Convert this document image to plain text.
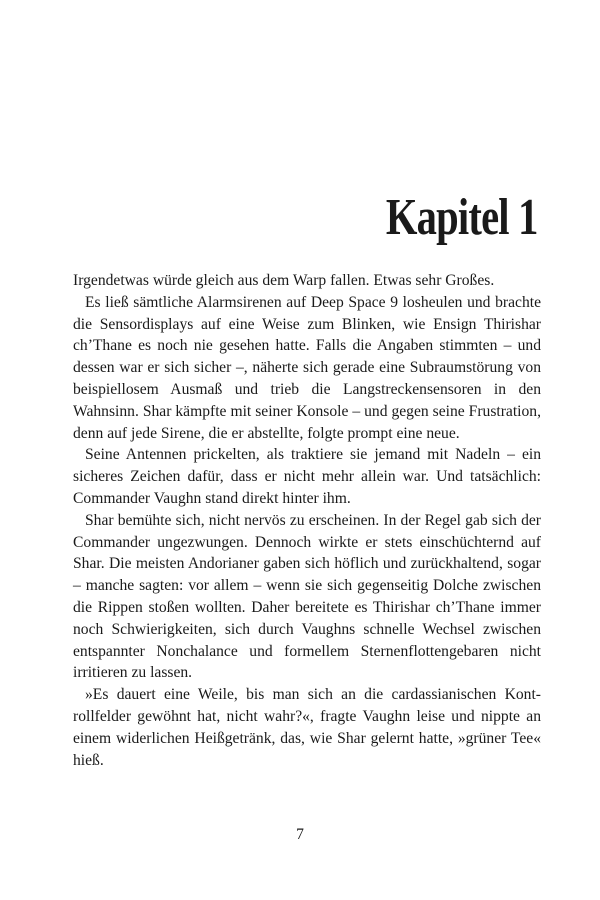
Kapitel 1

Irgendetwas würde gleich aus dem Warp fallen. Etwas sehr Großes.

Es ließ sämtliche Alarmsirenen auf Deep Space 9 losheulen und brachte die Sensordisplays auf eine Weise zum Blinken, wie Ensign Thirishar ch’Thane es noch nie gesehen hatte. Falls die Angaben stimmten – und dessen war er sich sicher –, näherte sich gerade eine Subraumstörung von beispiellosem Ausmaß und trieb die Langstreckensensoren in den Wahnsinn. Shar kämpfte mit seiner Konsole – und gegen seine Frustration, denn auf jede Sirene, die er abstellte, folgte prompt eine neue.

Seine Antennen prickelten, als traktiere sie jemand mit Nadeln – ein sicheres Zeichen dafür, dass er nicht mehr allein war. Und tatsächlich: Commander Vaughn stand direkt hinter ihm.

Shar bemühte sich, nicht nervös zu erscheinen. In der Regel gab sich der Commander ungezwungen. Dennoch wirkte er stets einschüchternd auf Shar. Die meisten Andorianer gaben sich höflich und zurückhaltend, sogar – manche sagten: vor allem – wenn sie sich gegenseitig Dolche zwischen die Rippen stoßen wollten. Daher bereitete es Thirishar ch’Thane immer noch Schwierigkeiten, sich durch Vaughns schnelle Wechsel zwischen entspannter Nonchalance und formellem Sternenflottengebaren nicht irritieren zu lassen.

»Es dauert eine Weile, bis man sich an die cardassianischen Kontrollfelder gewöhnt hat, nicht wahr?«, fragte Vaughn leise und nippte an einem widerlichen Heißgetränk, das, wie Shar gelernt hatte, »grüner Tee« hieß.

7
